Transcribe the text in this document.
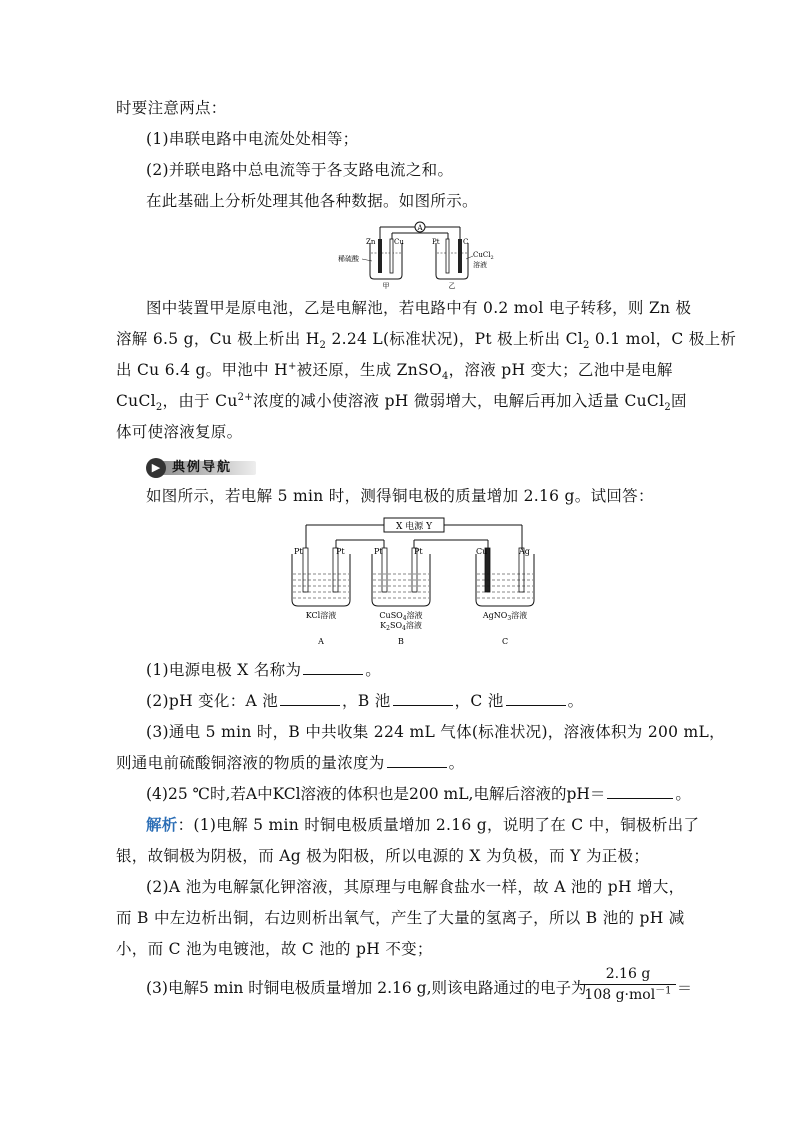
时要注意两点：
(1)串联电路中电流处处相等；
(2)并联电路中总电流等于各支路电流之和。
在此基础上分析处理其他各种数据。如图所示。
A
Zn	Cu	Pt	C
稀硫酸	CuCl$_2$
溶液
甲	乙
图中装置甲是原电池，乙是电解池，若电路中有 0.2 mol 电子转移，则 Zn 极
溶解 6.5 g，Cu 极上析出 $H_2$ 2.24 L(标准状况)，Pt 极上析出 $Cl_2$ 0.1 mol，C 极上析
出 Cu 6.4 g。甲池中 H+被还原，生成 ZnSO$_4$，溶液 pH 变大；乙池中是电解
CuCl$_2$，由于 $Cu^{2+}$浓度的减小使溶液 pH 微弱增大，电解后再加入适量 CuCl$_2$固
体可使溶液复原。
▶ 典例导航
如图所示，若电解 5 min 时，测得铜电极的质量增加 2.16 g。试回答：
X 电源 Y
Pt	Pt	Pt	Pt	Cu	Ag
KCl溶液	CuSO$_4$溶液
$K_2SO_4$溶液
AgNO$_3$溶液
A	B	C
(1)电源电极 X 名称为	。
(2)pH 变化：A 池	，B 池	，C 池	。
(3)通电 5 min 时，B 中共收集 224 mL 气体(标准状况)，溶液体积为 200 mL，
则通电前硫酸铜溶液的物质的量浓度为	。
(4)25 ℃时,若A中KCl溶液的体积也是200 mL,电解后溶液的pH＝	。
解析：(1)电解 5 min 时铜电极质量增加 2.16 g，说明了在 C 中，铜极析出了
银，故铜极为阴极，而 Ag 极为阳极，所以电源的 X 为负极，而 Y 为正极；
(2)A 池为电解氯化钾溶液，其原理与电解食盐水一样，故 A 池的 pH 增大，
而 B 中左边析出铜，右边则析出氧气，产生了大量的氢离子，所以 B 池的 pH 减
小，而 C 池为电镀池，故 C 池的 pH 不变；
(3)电解5 min 时铜电极质量增加 2.16 g,则该电路通过的电子为
2.16 g
108 g·mol$^{-1}$ ＝
